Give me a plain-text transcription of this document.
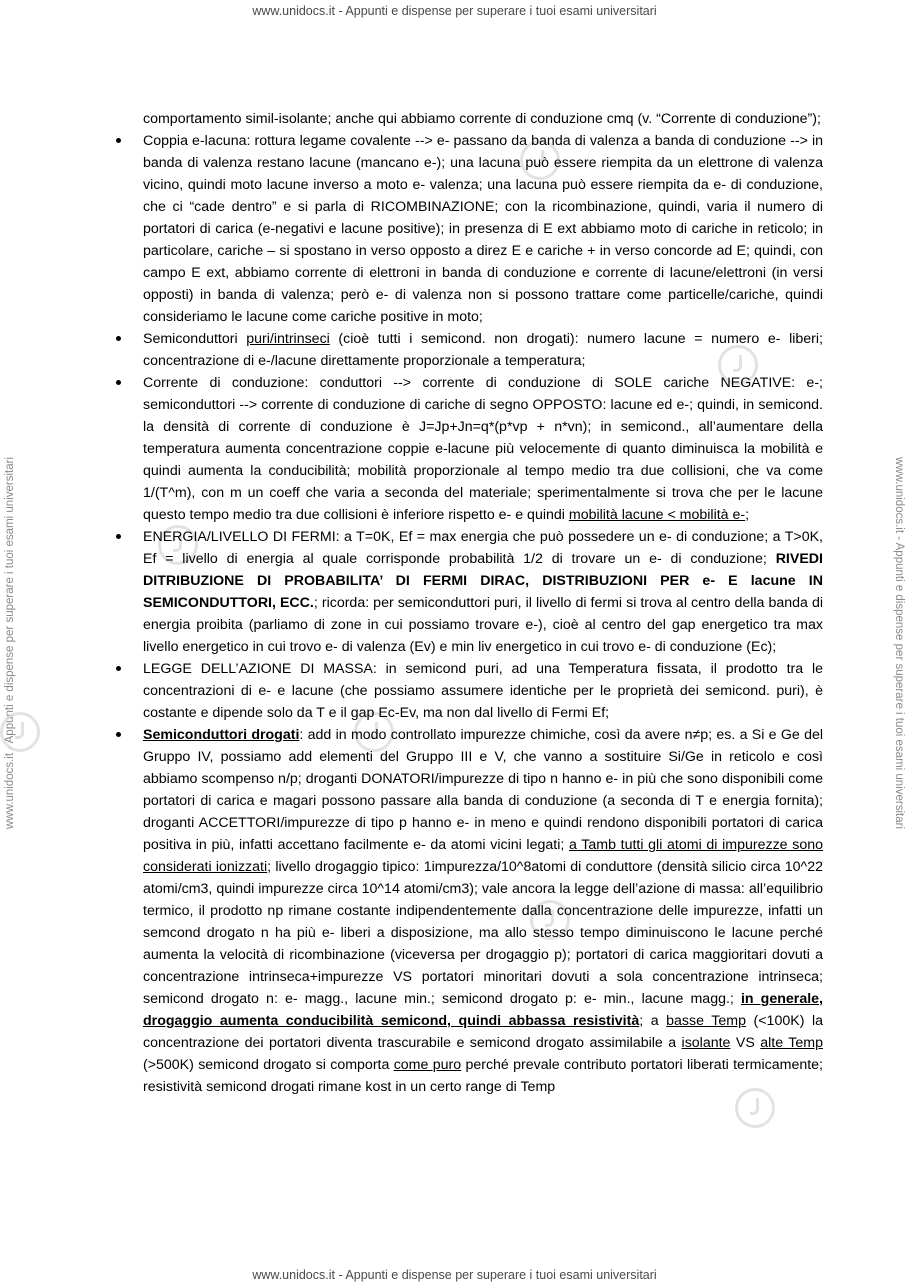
www.unidocs.it - Appunti e dispense per superare i tuoi esami universitari
www.unidocs.it - Appunti e dispense per superare i tuoi esami universitari	www.unidocs.it - Appunti e dispense per superare i tuoi esami universitari
comportamento simil-isolante; anche qui abbiamo corrente di conduzione cmq (v. “Corrente di conduzione”);
Coppia e-lacuna: rottura legame covalente --> e- passano da banda di valenza a banda di conduzione --> in banda di valenza restano lacune (mancano e-); una lacuna può essere riempita da un elettrone di valenza vicino, quindi moto lacune inverso a moto e- valenza; una lacuna può essere riempita da e- di conduzione, che ci “cade dentro” e si parla di RICOMBINAZIONE; con la ricombinazione, quindi, varia il numero di portatori di carica (e-negativi e lacune positive); in presenza di E ext abbiamo moto di cariche in reticolo; in particolare, cariche – si spostano in verso opposto a direz E e cariche + in verso concorde ad E; quindi, con campo E ext, abbiamo corrente di elettroni in banda di conduzione e corrente di lacune/elettroni (in versi opposti) in banda di valenza; però e- di valenza non si possono trattare come particelle/cariche, quindi consideriamo le lacune come cariche positive in moto;
Semiconduttori puri/intrinseci (cioè tutti i semicond. non drogati): numero lacune = numero e- liberi; concentrazione di e-/lacune direttamente proporzionale a temperatura;
Corrente di conduzione: conduttori --> corrente di conduzione di SOLE cariche NEGATIVE: e-; semiconduttori --> corrente di conduzione di cariche di segno OPPOSTO: lacune ed e-; quindi, in semicond. la densità di corrente di conduzione è J=Jp+Jn=q*(p*vp + n*vn); in semicond., all’aumentare della temperatura aumenta concentrazione coppie e-lacune più velocemente di quanto diminuisca la mobilità e quindi aumenta la conducibilità; mobilità proporzionale al tempo medio tra due collisioni, che va come 1/(T^m), con m un coeff che varia a seconda del materiale; sperimentalmente si trova che per le lacune questo tempo medio tra due collisioni è inferiore rispetto e- e quindi mobilità lacune < mobilità e-;
ENERGIA/LIVELLO DI FERMI: a T=0K, Ef = max energia che può possedere un e- di conduzione; a T>0K, Ef = livello di energia al quale corrisponde probabilità 1/2 di trovare un e- di conduzione; RIVEDI DITRIBUZIONE DI PROBABILITA’ DI FERMI DIRAC, DISTRIBUZIONI PER e- E lacune IN SEMICONDUTTORI, ECC.; ricorda: per semiconduttori puri, il livello di fermi si trova al centro della banda di energia proibita (parliamo di zone in cui possiamo trovare e-), cioè al centro del gap energetico tra max livello energetico in cui trovo e- di valenza (Ev) e min liv energetico in cui trovo e- di conduzione (Ec);
LEGGE DELL’AZIONE DI MASSA: in semicond puri, ad una Temperatura fissata, il prodotto tra le concentrazioni di e- e lacune (che possiamo assumere identiche per le proprietà dei semicond. puri), è costante e dipende solo da T e il gap Ec-Ev, ma non dal livello di Fermi Ef;
Semiconduttori drogati: add in modo controllato impurezze chimiche, così da avere n≠p; es. a Si e Ge del Gruppo IV, possiamo add elementi del Gruppo III e V, che vanno a sostituire Si/Ge in reticolo e così abbiamo scompenso n/p; droganti DONATORI/impurezze di tipo n hanno e- in più che sono disponibili come portatori di carica e magari possono passare alla banda di conduzione (a seconda di T e energia fornita); droganti ACCETTORI/impurezze di tipo p hanno e- in meno e quindi rendono disponibili portatori di carica positiva in più, infatti accettano facilmente e- da atomi vicini legati; a Tamb tutti gli atomi di impurezze sono considerati ionizzati; livello drogaggio tipico: 1impurezza/10^8atomi di conduttore (densità silicio circa 10^22 atomi/cm3, quindi impurezze circa 10^14 atomi/cm3); vale ancora la legge dell’azione di massa: all’equilibrio termico, il prodotto np rimane costante indipendentemente dalla concentrazione delle impurezze, infatti un semcond drogato n ha più e- liberi a disposizione, ma allo stesso tempo diminuiscono le lacune perché aumenta la velocità di ricombinazione (viceversa per drogaggio p); portatori di carica maggioritari dovuti a concentrazione intrinseca+impurezze VS portatori minoritari dovuti a sola concentrazione intrinseca; semicond drogato n: e- magg., lacune min.; semicond drogato p: e- min., lacune magg.; in generale, drogaggio aumenta conducibilità semicond, quindi abbassa resistività; a basse Temp (<100K) la concentrazione dei portatori diventa trascurabile e semicond drogato assimilabile a isolante VS alte Temp (>500K) semicond drogato si comporta come puro perché prevale contributo portatori liberati termicamente; resistività semicond drogati rimane kost in un certo range di Temp
www.unidocs.it - Appunti e dispense per superare i tuoi esami universitari
